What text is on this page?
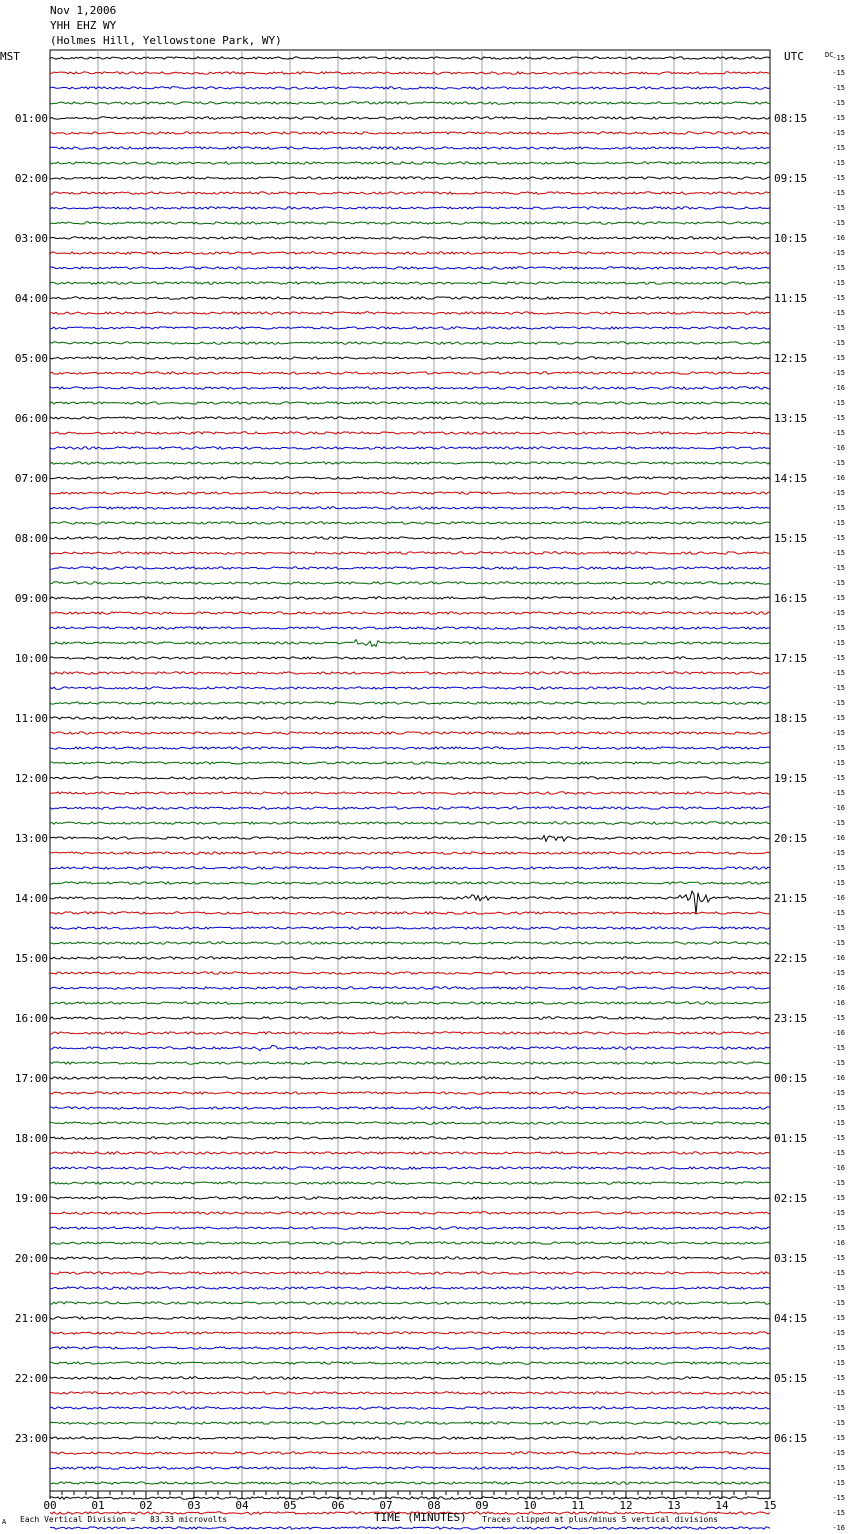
Nov 1,2006
YHH EHZ WY
(Holmes Hill, Yellowstone Park, WY)
MST	UTC
01:00
02:00
03:00
04:00
05:00
06:00
07:00
08:00
09:00
10:00
11:00
12:00
13:00
14:00
15:00
16:00
17:00
18:00
19:00
20:00
21:00
22:00
23:00
08:15
09:15
10:15
11:15
12:15
13:15
14:15
15:15
16:15
17:15
18:15
19:15
20:15
21:15
22:15
23:15
00:15
01:15
02:15
03:15
04:15
05:15
06:15
DC
-15
-15
-15
-15
-15
-15
-15
-15
-15
-15
-15
-15
-16
-15
-15
-15
-15
-15
-15
-15
-15
-15
-16
-15
-15
-15
-16
-15
-16
-15
-15
-15
-15
-15
-15
-15
-15
-15
-15
-15
-15
-15
-15
-15
-15
-15
-15
-15
-15
-15
-16
-15
-16
-15
-15
-15
-16
-15
-15
-15
-16
-15
-16
-16
-15
-16
-15
-15
-16
-15
-15
-15
-15
-15
-16
-15
-15
-15
-15
-16
-15
-15
-15
-15
-15
-15
-15
-15
-15
-15
-15
-15
-15
-15
-15
-15
-15
-15
-16
00	01	02	03	04	05	06	07	08	09	10	11	12	13	14	15
TIME (MINUTES)
Each Vertical Division =   83.33 microvolts	Traces clipped at plus/minus 5 vertical divisions
A
